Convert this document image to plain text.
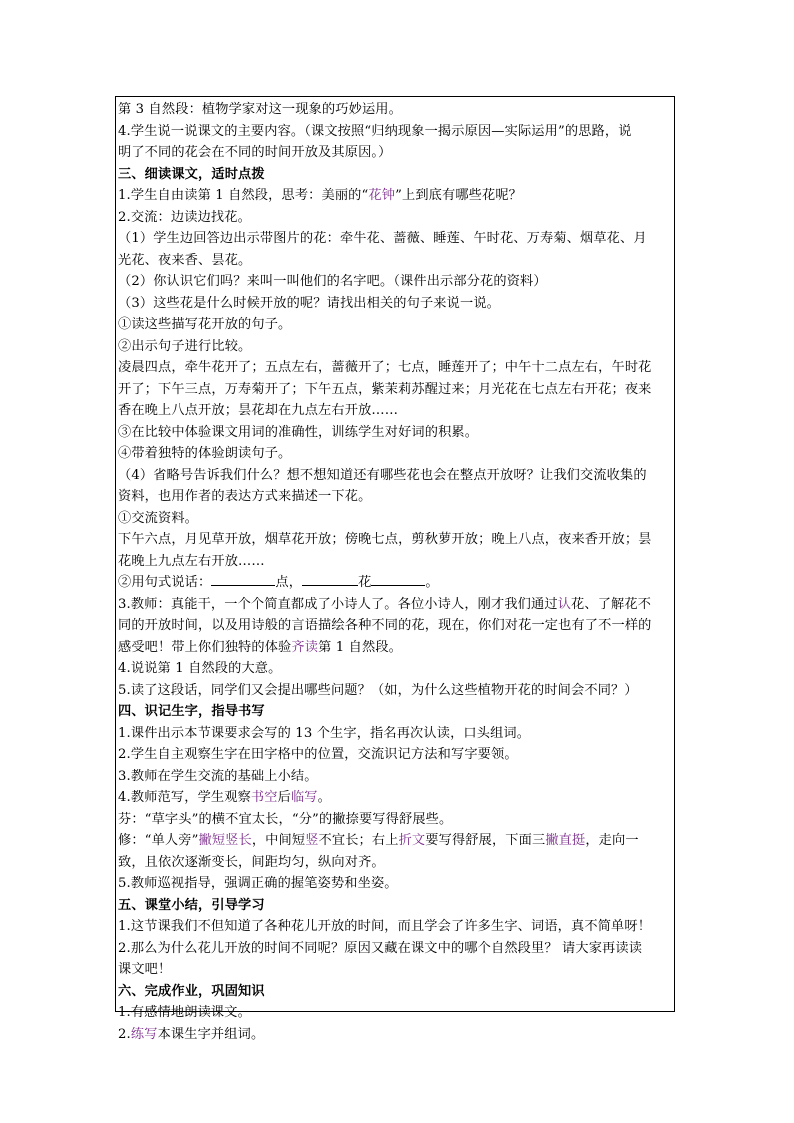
第 3 自然段：植物学家对这一现象的巧妙运用。
4.学生说一说课文的主要内容。（课文按照“归纳现象一揭示原因—实际运用”的思路，说
明了不同的花会在不同的时间开放及其原因。）
三、细读课文，适时点拨
1.学生自由读第 1 自然段，思考：美丽的“花钟”上到底有哪些花呢？
2.交流：边读边找花。
（1）学生边回答边出示带图片的花：牵牛花、蔷薇、睡莲、午时花、万寿菊、烟草花、月
光花、夜来香、昙花。
（2）你认识它们吗？来叫一叫他们的名字吧。（课件出示部分花的资料）
（3）这些花是什么时候开放的呢？请找出相关的句子来说一说。
①读这些描写花开放的句子。
②出示句子进行比较。
凌晨四点，牵牛花开了；五点左右，蔷薇开了；七点，睡莲开了；中午十二点左右，午时花
开了；下午三点，万寿菊开了；下午五点，紫茉莉苏醒过来；月光花在七点左右开花；夜来
香在晚上八点开放；昙花却在九点左右开放……
③在比较中体验课文用词的准确性，训练学生对好词的积累。
④带着独特的体验朗读句子。
（4）省略号告诉我们什么？想不想知道还有哪些花也会在整点开放呀？让我们交流收集的
资料，也用作者的表达方式来描述一下花。
①交流资料。
下午六点，月见草开放，烟草花开放；傍晚七点，剪秋萝开放；晚上八点，夜来香开放；昙
花晚上九点左右开放……
②用句式说话：	点，	花	。
3.教师：真能干，一个个简直都成了小诗人了。各位小诗人，刚才我们通过认花、了解花不
同的开放时间，以及用诗般的言语描绘各种不同的花，现在，你们对花一定也有了不一样的
感受吧！带上你们独特的体验齐读第 1 自然段。
4.说说第 1 自然段的大意。
5.读了这段话，同学们又会提出哪些问题？（如，为什么这些植物开花的时间会不同？）
四、识记生字，指导书写
1.课件出示本节课要求会写的 13 个生字，指名再次认读，口头组词。
2.学生自主观察生字在田字格中的位置，交流识记方法和写字要领。
3.教师在学生交流的基础上小结。
4.教师范写，学生观察书空后临写。
芬：“草字头”的横不宜太长，“分”的撇捺要写得舒展些。
修：“单人旁”撇短竖长，中间短竖不宜长；右上折文要写得舒展，下面三撇直挺，走向一
致，且依次逐渐变长，间距均匀，纵向对齐。
5.教师巡视指导，强调正确的握笔姿势和坐姿。
五、课堂小结，引导学习
1.这节课我们不但知道了各种花儿开放的时间，而且学会了许多生字、词语，真不简单呀！
2.那么为什么花儿开放的时间不同呢？原因又藏在课文中的哪个自然段里？ 请大家再读读
课文吧！
六、完成作业，巩固知识
1.有感情地朗读课文。
2.练写本课生字并组词。
